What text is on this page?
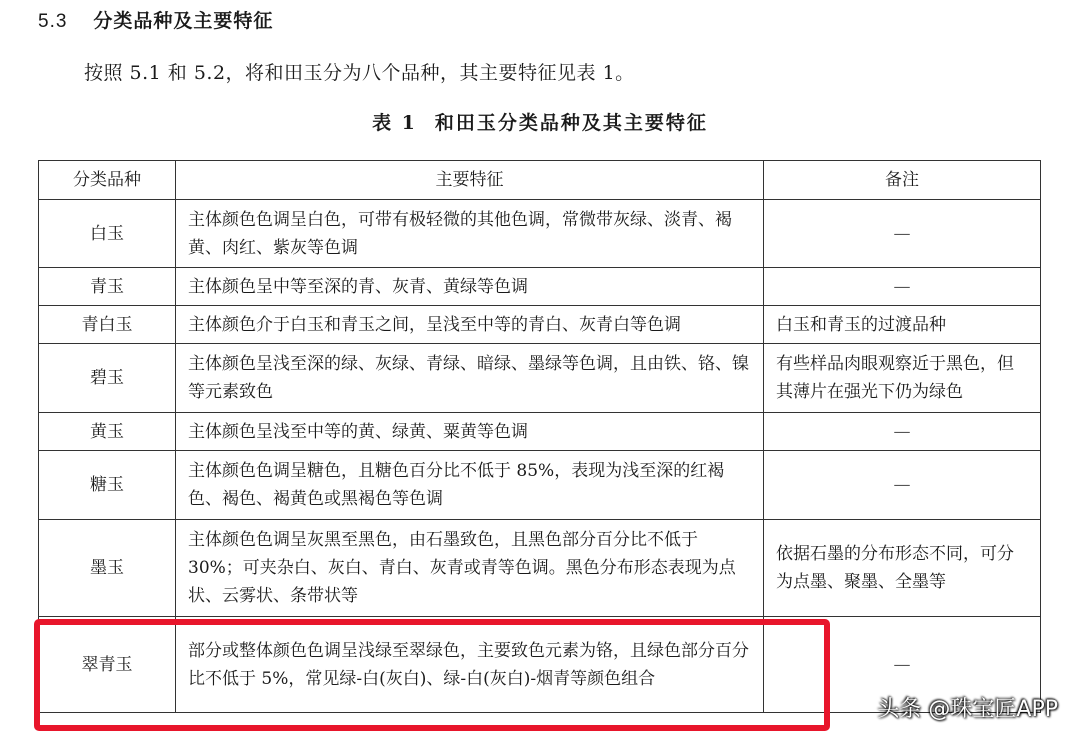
5.3 分类品种及主要特征
按照 5.1 和 5.2，将和田玉分为八个品种，其主要特征见表 1。
表 1 和田玉分类品种及其主要特征
分类品种	主要特征	备注
白玉	主体颜色色调呈白色，可带有极轻微的其他色调，常微带灰绿、淡青、褐黄、肉红、紫灰等色调	—
青玉	主体颜色呈中等至深的青、灰青、黄绿等色调	—
青白玉	主体颜色介于白玉和青玉之间，呈浅至中等的青白、灰青白等色调	白玉和青玉的过渡品种
碧玉	主体颜色呈浅至深的绿、灰绿、青绿、暗绿、墨绿等色调，且由铁、铬、镍等元素致色	有些样品肉眼观察近于黑色，但其薄片在强光下仍为绿色
黄玉	主体颜色呈浅至中等的黄、绿黄、粟黄等色调	—
糖玉	主体颜色色调呈糖色，且糖色百分比不低于 85%，表现为浅至深的红褐色、褐色、褐黄色或黑褐色等色调	—
墨玉	主体颜色色调呈灰黑至黑色，由石墨致色，且黑色部分百分比不低于 30%；可夹杂白、灰白、青白、灰青或青等色调。黑色分布形态表现为点状、云雾状、条带状等	依据石墨的分布形态不同，可分为点墨、聚墨、全墨等
翠青玉	部分或整体颜色色调呈浅绿至翠绿色，主要致色元素为铬，且绿色部分百分比不低于 5%，常见绿-白(灰白)、绿-白(灰白)-烟青等颜色组合	—
头条 @珠宝匠APP
